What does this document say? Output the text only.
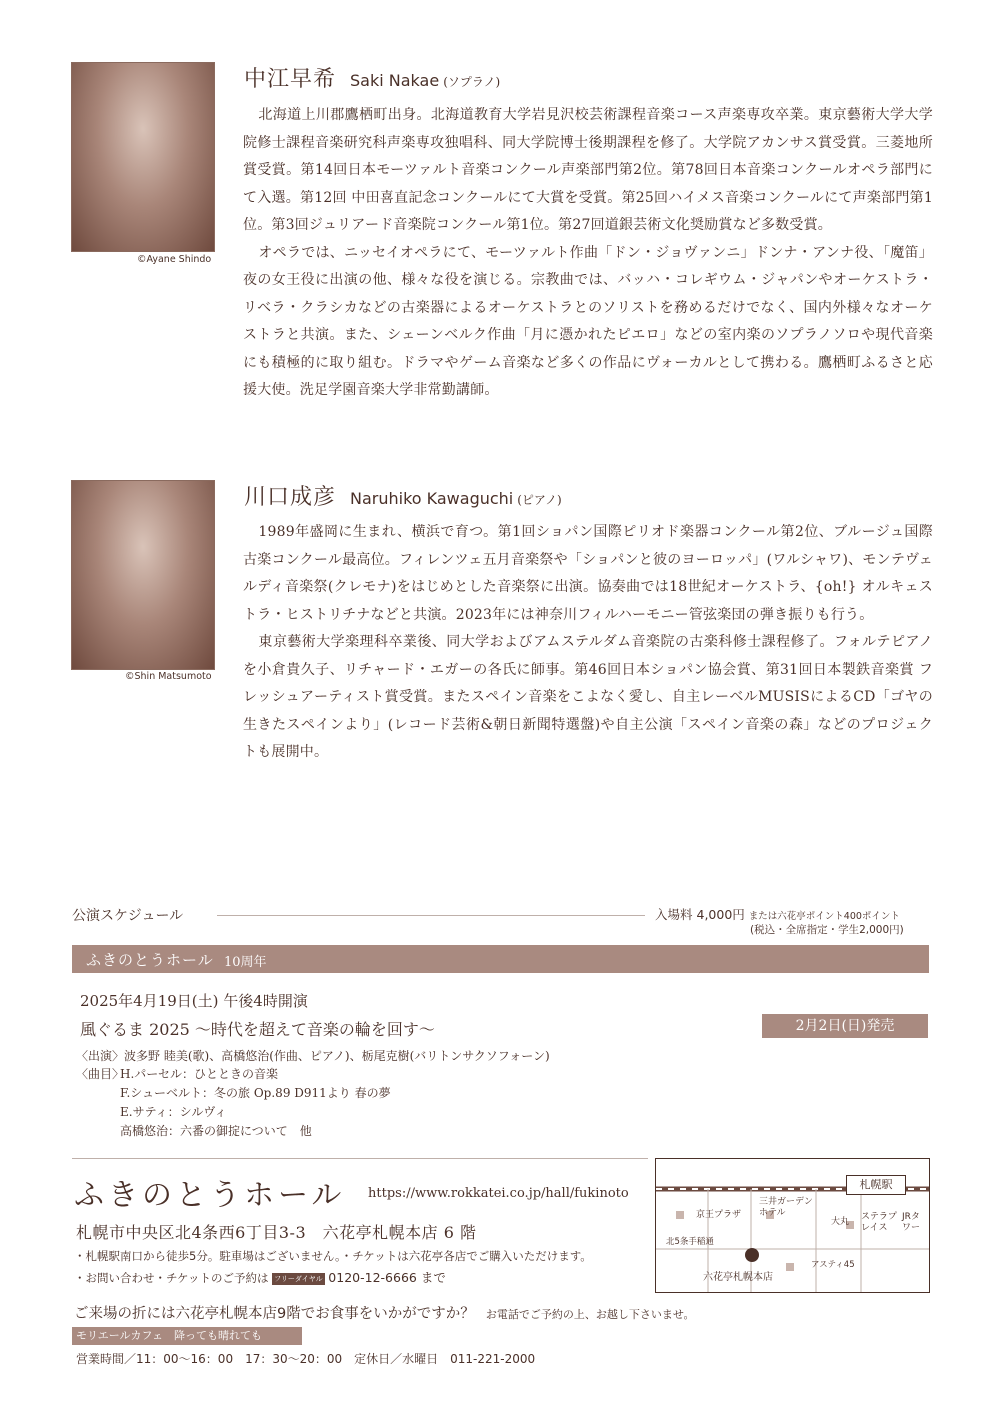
©Ayane Shindo
中江早希 Saki Nakae (ソプラノ)

北海道上川郡鷹栖町出身。北海道教育大学岩見沢校芸術課程音楽コース声楽専攻卒業。東京藝術大学大学院修士課程音楽研究科声楽専攻独唱科、同大学院博士後期課程を修了。大学院アカンサス賞受賞。三菱地所賞受賞。第14回日本モーツァルト音楽コンクール声楽部門第2位。第78回日本音楽コンクールオペラ部門にて入選。第12回 中田喜直記念コンクールにて大賞を受賞。第25回ハイメス音楽コンクールにて声楽部門第1位。第3回ジュリアード音楽院コンクール第1位。第27回道銀芸術文化奨励賞など多数受賞。

オペラでは、ニッセイオペラにて、モーツァルト作曲「ドン・ジョヴァンニ」ドンナ・アンナ役、「魔笛」夜の女王役に出演の他、様々な役を演じる。宗教曲では、バッハ・コレギウム・ジャパンやオーケストラ・リベラ・クラシカなどの古楽器によるオーケストラとのソリストを務めるだけでなく、国内外様々なオーケストラと共演。また、シェーンベルク作曲「月に憑かれたピエロ」などの室内楽のソプラノソロや現代音楽にも積極的に取り組む。ドラマやゲーム音楽など多くの作品にヴォーカルとして携わる。鷹栖町ふるさと応援大使。洗足学園音楽大学非常勤講師。

©Shin Matsumoto
川口成彦 Naruhiko Kawaguchi (ピアノ)

1989年盛岡に生まれ、横浜で育つ。第1回ショパン国際ピリオド楽器コンクール第2位、ブルージュ国際古楽コンクール最高位。フィレンツェ五月音楽祭や「ショパンと彼のヨーロッパ」(ワルシャワ)、モンテヴェルディ音楽祭(クレモナ)をはじめとした音楽祭に出演。協奏曲では18世紀オーケストラ、{oh!} オルキェストラ・ヒストリチナなどと共演。2023年には神奈川フィルハーモニー管弦楽団の弾き振りも行う。

東京藝術大学楽理科卒業後、同大学およびアムステルダム音楽院の古楽科修士課程修了。フォルテピアノを小倉貴久子、リチャード・エガーの各氏に師事。第46回日本ショパン協会賞、第31回日本製鉄音楽賞 フレッシュアーティスト賞受賞。またスペイン音楽をこよなく愛し、自主レーベルMUSISによるCD「ゴヤの生きたスペインより」(レコード芸術&朝日新聞特選盤)や自主公演「スペイン音楽の森」などのプロジェクトも展開中。

公演スケジュール	入場料 4,000円 または六花亭ポイント400ポイント
(税込・全席指定・学生2,000円)
ふきのとうホール 10周年
2025年4月19日(土) 午後4時開演
風ぐるま 2025 〜時代を超えて音楽の輪を回す〜	2月2日(日)発売
〈出演〉波多野 睦美(歌)、高橋悠治(作曲、ピアノ)、栃尾克樹(バリトンサクソフォーン)
〈曲目〉
H.パーセル：ひとときの音楽
F.シューベルト：冬の旅 Op.89 D911より 春の夢
E.サティ：シルヴィ
高橋悠治：六番の御掟について　他
ふきのとうホール https://www.rokkatei.co.jp/hall/fukinoto
札幌市中央区北4条西6丁目3-3　六花亭札幌本店 6 階
・札幌駅南口から徒歩5分。駐車場はございません。・チケットは六花亭各店でご購入いただけます。
・お問い合わせ・チケットのご予約は フリーダイヤル 0120-12-6666 まで
札幌駅
京王プラザ
三井ガーデンホテル
大丸 ステラプレイス
JRタワー
北5条手稲通
アスティ45
六花亭札幌本店
ご来場の折には六花亭札幌本店9階でお食事をいかがですか？ お電話でご予約の上、お越し下さいませ。
モリエールカフェ　降っても晴れても
営業時間／11：00〜16：00　17：30〜20：00　定休日／水曜日　011-221-2000
